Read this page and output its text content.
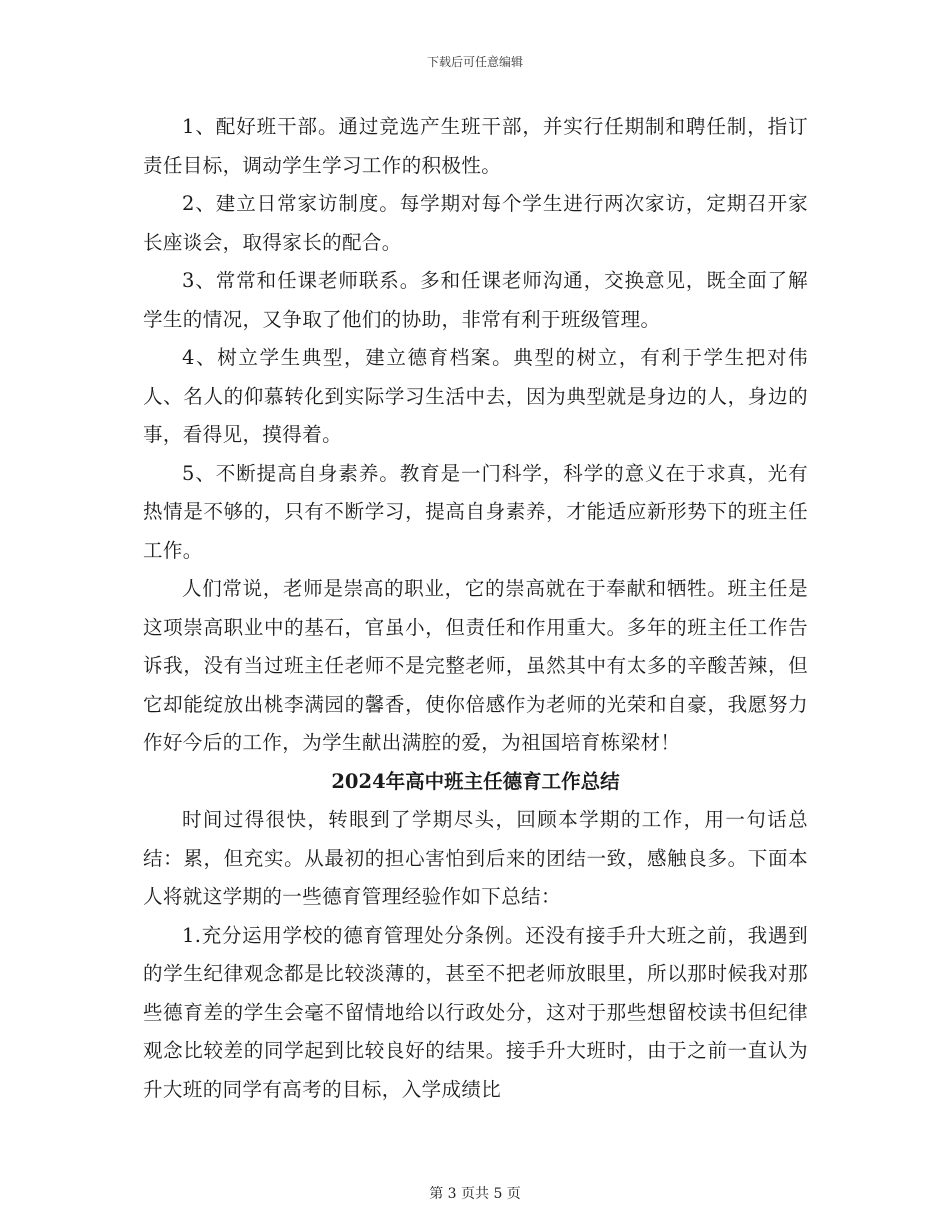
下载后可任意编辑

1、配好班干部。通过竞选产生班干部，并实行任期制和聘任制，指订责任目标，调动学生学习工作的积极性。

2、建立日常家访制度。每学期对每个学生进行两次家访，定期召开家长座谈会，取得家长的配合。

3、常常和任课老师联系。多和任课老师沟通，交换意见，既全面了解学生的情况，又争取了他们的协助，非常有利于班级管理。

4、树立学生典型，建立德育档案。典型的树立，有利于学生把对伟人、名人的仰慕转化到实际学习生活中去，因为典型就是身边的人，身边的事，看得见，摸得着。

5、不断提高自身素养。教育是一门科学，科学的意义在于求真，光有热情是不够的，只有不断学习，提高自身素养，才能适应新形势下的班主任工作。

人们常说，老师是崇高的职业，它的崇高就在于奉献和牺牲。班主任是这项崇高职业中的基石，官虽小，但责任和作用重大。多年的班主任工作告诉我，没有当过班主任老师不是完整老师，虽然其中有太多的辛酸苦辣，但它却能绽放出桃李满园的馨香，使你倍感作为老师的光荣和自豪，我愿努力作好今后的工作，为学生献出满腔的爱，为祖国培育栋梁材！

2024年高中班主任德育工作总结

时间过得很快，转眼到了学期尽头，回顾本学期的工作，用一句话总结：累，但充实。从最初的担心害怕到后来的团结一致，感触良多。下面本人将就这学期的一些德育管理经验作如下总结：

1.充分运用学校的德育管理处分条例。还没有接手升大班之前，我遇到的学生纪律观念都是比较淡薄的，甚至不把老师放眼里，所以那时候我对那些德育差的学生会毫不留情地给以行政处分，这对于那些想留校读书但纪律观念比较差的同学起到比较良好的结果。接手升大班时，由于之前一直认为升大班的同学有高考的目标，入学成绩比

第 3 页共 5 页
